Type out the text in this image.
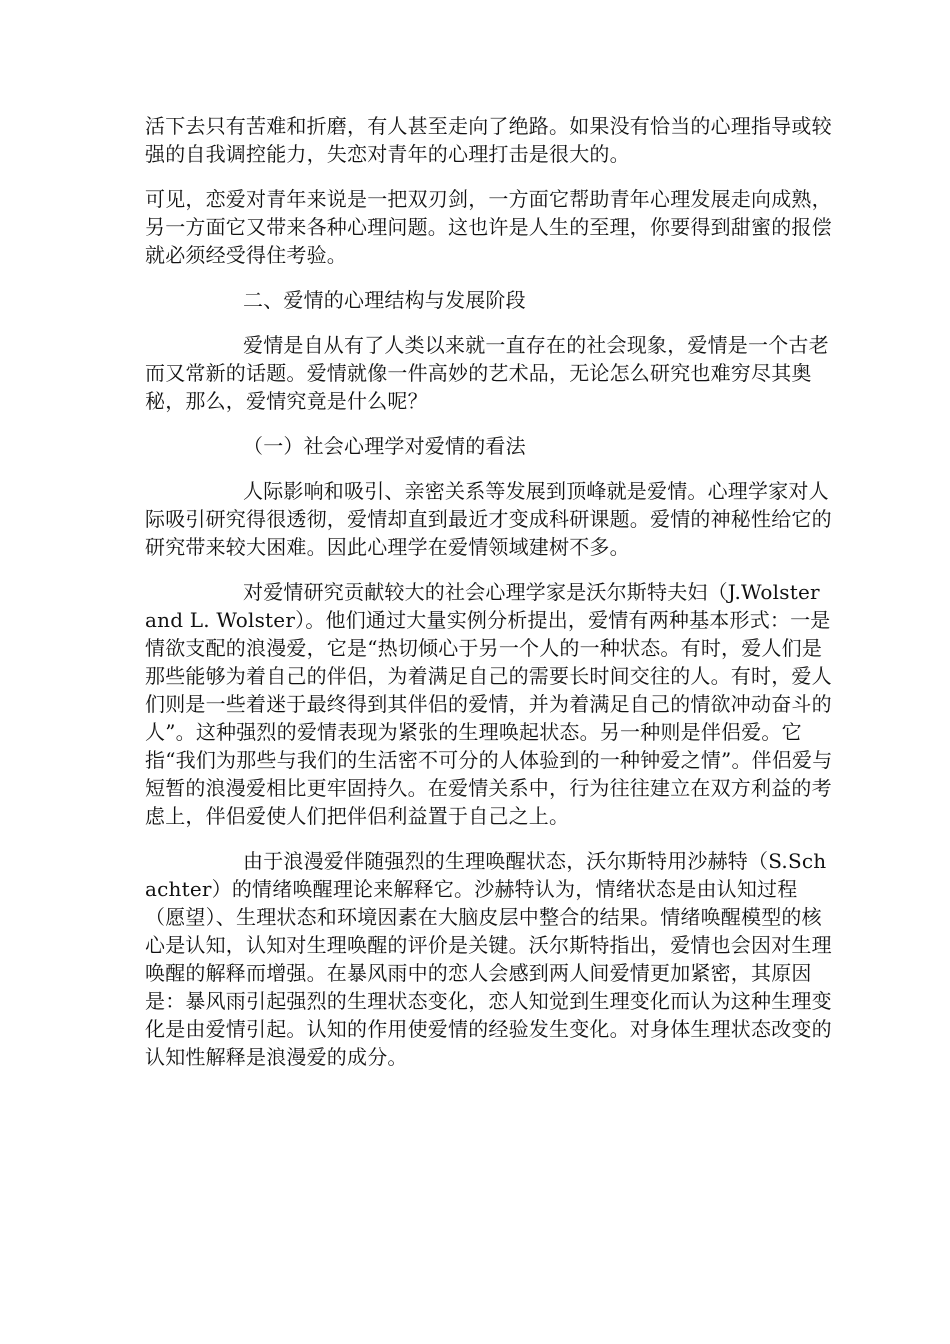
活下去只有苦难和折磨，有人甚至走向了绝路。如果没有恰当的心理指导或较强的自我调控能力，失恋对青年的心理打击是很大的。

可见，恋爱对青年来说是一把双刃剑，一方面它帮助青年心理发展走向成熟，另一方面它又带来各种心理问题。这也许是人生的至理，你要得到甜蜜的报偿就必须经受得住考验。

二、爱情的心理结构与发展阶段

爱情是自从有了人类以来就一直存在的社会现象，爱情是一个古老而又常新的话题。爱情就像一件高妙的艺术品，无论怎么研究也难穷尽其奥秘，那么，爱情究竟是什么呢？

（一）社会心理学对爱情的看法

人际影响和吸引、亲密关系等发展到顶峰就是爱情。心理学家对人际吸引研究得很透彻，爱情却直到最近才变成科研课题。爱情的神秘性给它的研究带来较大困难。因此心理学在爱情领域建树不多。

对爱情研究贡献较大的社会心理学家是沃尔斯特夫妇（J.Wolster and L. Wolster）。他们通过大量实例分析提出，爱情有两种基本形式：一是情欲支配的浪漫爱，它是“热切倾心于另一个人的一种状态。有时，爱人们是那些能够为着自己的伴侣，为着满足自己的需要长时间交往的人。有时，爱人们则是一些着迷于最终得到其伴侣的爱情，并为着满足自己的情欲冲动奋斗的人”。这种强烈的爱情表现为紧张的生理唤起状态。另一种则是伴侣爱。它指“我们为那些与我们的生活密不可分的人体验到的一种钟爱之情”。伴侣爱与短暂的浪漫爱相比更牢固持久。在爱情关系中，行为往往建立在双方利益的考虑上，伴侣爱使人们把伴侣利益置于自己之上。

由于浪漫爱伴随强烈的生理唤醒状态，沃尔斯特用沙赫特（S.Schachter）的情绪唤醒理论来解释它。沙赫特认为，情绪状态是由认知过程（愿望）、生理状态和环境因素在大脑皮层中整合的结果。情绪唤醒模型的核心是认知，认知对生理唤醒的评价是关键。沃尔斯特指出，爱情也会因对生理唤醒的解释而增强。在暴风雨中的恋人会感到两人间爱情更加紧密，其原因是：暴风雨引起强烈的生理状态变化，恋人知觉到生理变化而认为这种生理变化是由爱情引起。认知的作用使爱情的经验发生变化。对身体生理状态改变的认知性解释是浪漫爱的成分。
